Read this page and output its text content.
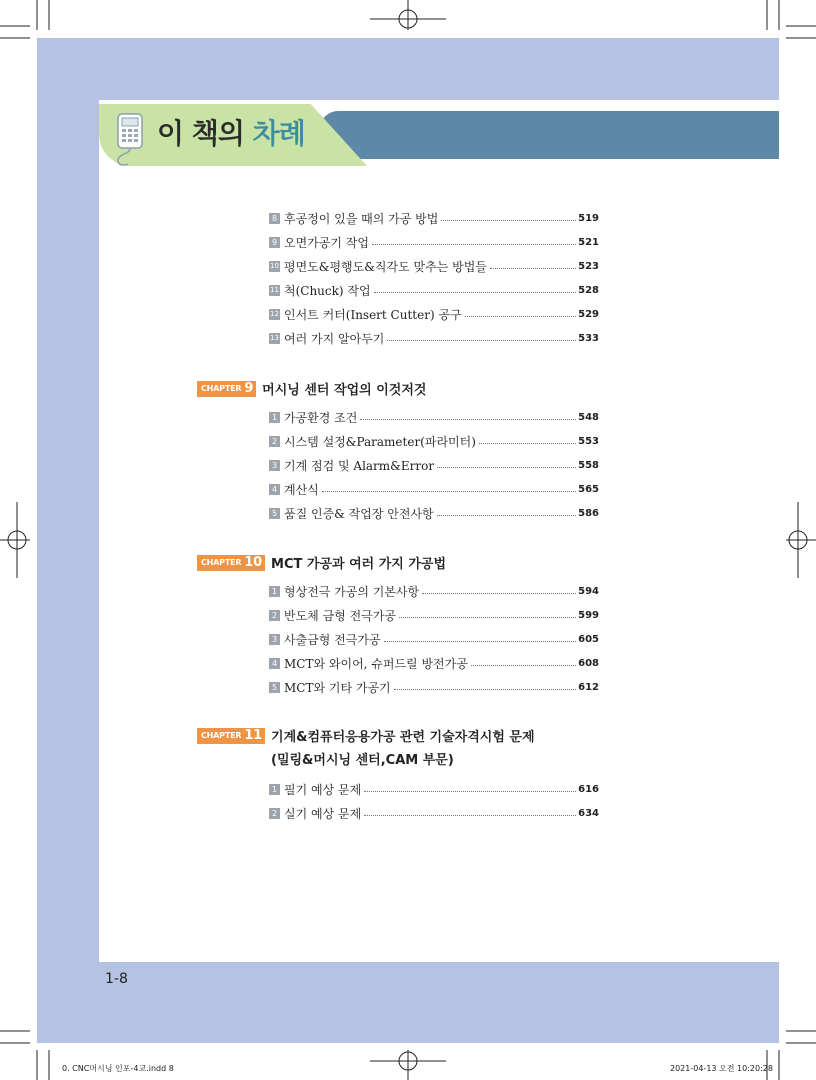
이 책의 차례
8 후공정이 있을 때의 가공 방법	519
9 오면가공기 작업	521
10 평면도&평행도&직각도 맞추는 방법들	523
11 척(Chuck) 작업	528
12 인서트 커터(Insert Cutter) 공구	529
13 여러 가지 알아두기	533
CHAPTER 9 머시닝 센터 작업의 이것저것
1 가공환경 조건	548
2 시스템 설정&Parameter(파라미터)	553
3 기계 점검 및 Alarm&Error	558
4 계산식	565
5 품질 인증& 작업장 안전사항	586
CHAPTER 10 MCT 가공과 여러 가지 가공법
1 형상전극 가공의 기본사항	594
2 반도체 금형 전극가공	599
3 사출금형 전극가공	605
4 MCT와 와이어, 슈퍼드릴 방전가공	608
5 MCT와 기타 가공기	612
CHAPTER 11 기계&컴퓨터응용가공 관련 기술자격시험 문제
(밀링&머시닝 센터,CAM 부문)
1 필기 예상 문제	616
2 실기 예상 문제	634
1-8
0. CNC머시닝 인포-4교.indd 8	2021-04-13 오전 10:20:28
